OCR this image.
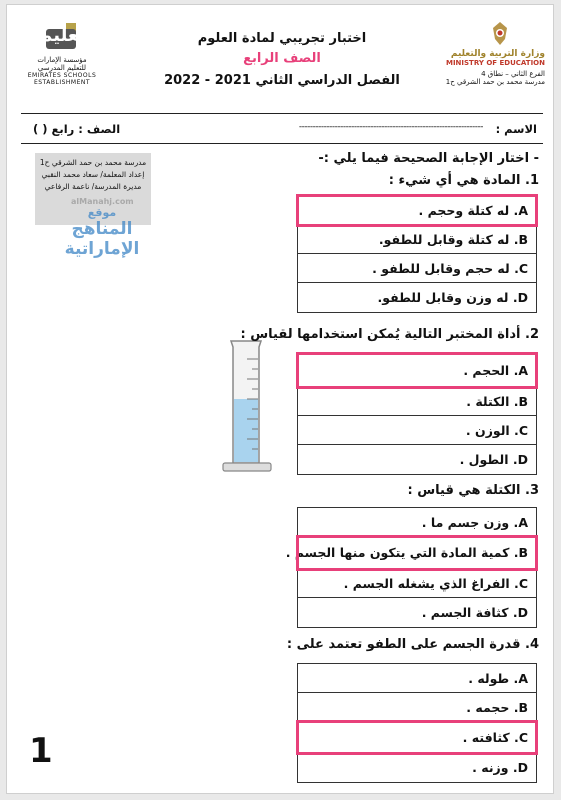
تعليم
مؤسسة الإمارات
للتعليم المدرسي
EMIRATES SCHOOLS
ESTABLISHMENT
اختبار تجريبي لمادة العلوم
الصف الرابع
الفصل الدراسي الثاني 2021 - 2022
وزارة التربية والتعليم
MINISTRY OF EDUCATION
الفرع الثاني – نطاق 4
مدرسة محمد بن حمد الشرقي ح1
الاسم :
-------------------------------------------------------------------
الصف : رابع ( )
- اختار الإجابة الصحيحة فيما يلي :-
مدرسة محمد بن حمد الشرقي ح1
إعداد المعلمة/ سعاد محمد النقبي
مديرة المدرسة/ ناعمة الرفاعي
alManahj.com
موقع
المناهج الإماراتية
1. المادة هي أي شيء :
A. له كتلة وحجم .
B. له كتلة وقابل للطفو.
C. له حجم وقابل للطفو .
D. له وزن وقابل للطفو.
2. أداة المختبر التالية يُمكن استخدامها لقياس :
A. الحجم .
B. الكتلة .
C. الوزن .
D. الطول .
3. الكتلة هي قياس :
A. وزن جسم ما .
B. كمية المادة التي يتكون منها الجسم .
C. الفراغ الذي يشغله الجسم .
D. كثافة الجسم .
4. قدرة الجسم على الطفو تعتمد على :
A. طوله .
B. حجمه .
C. كثافته .
D. وزنه .
1
